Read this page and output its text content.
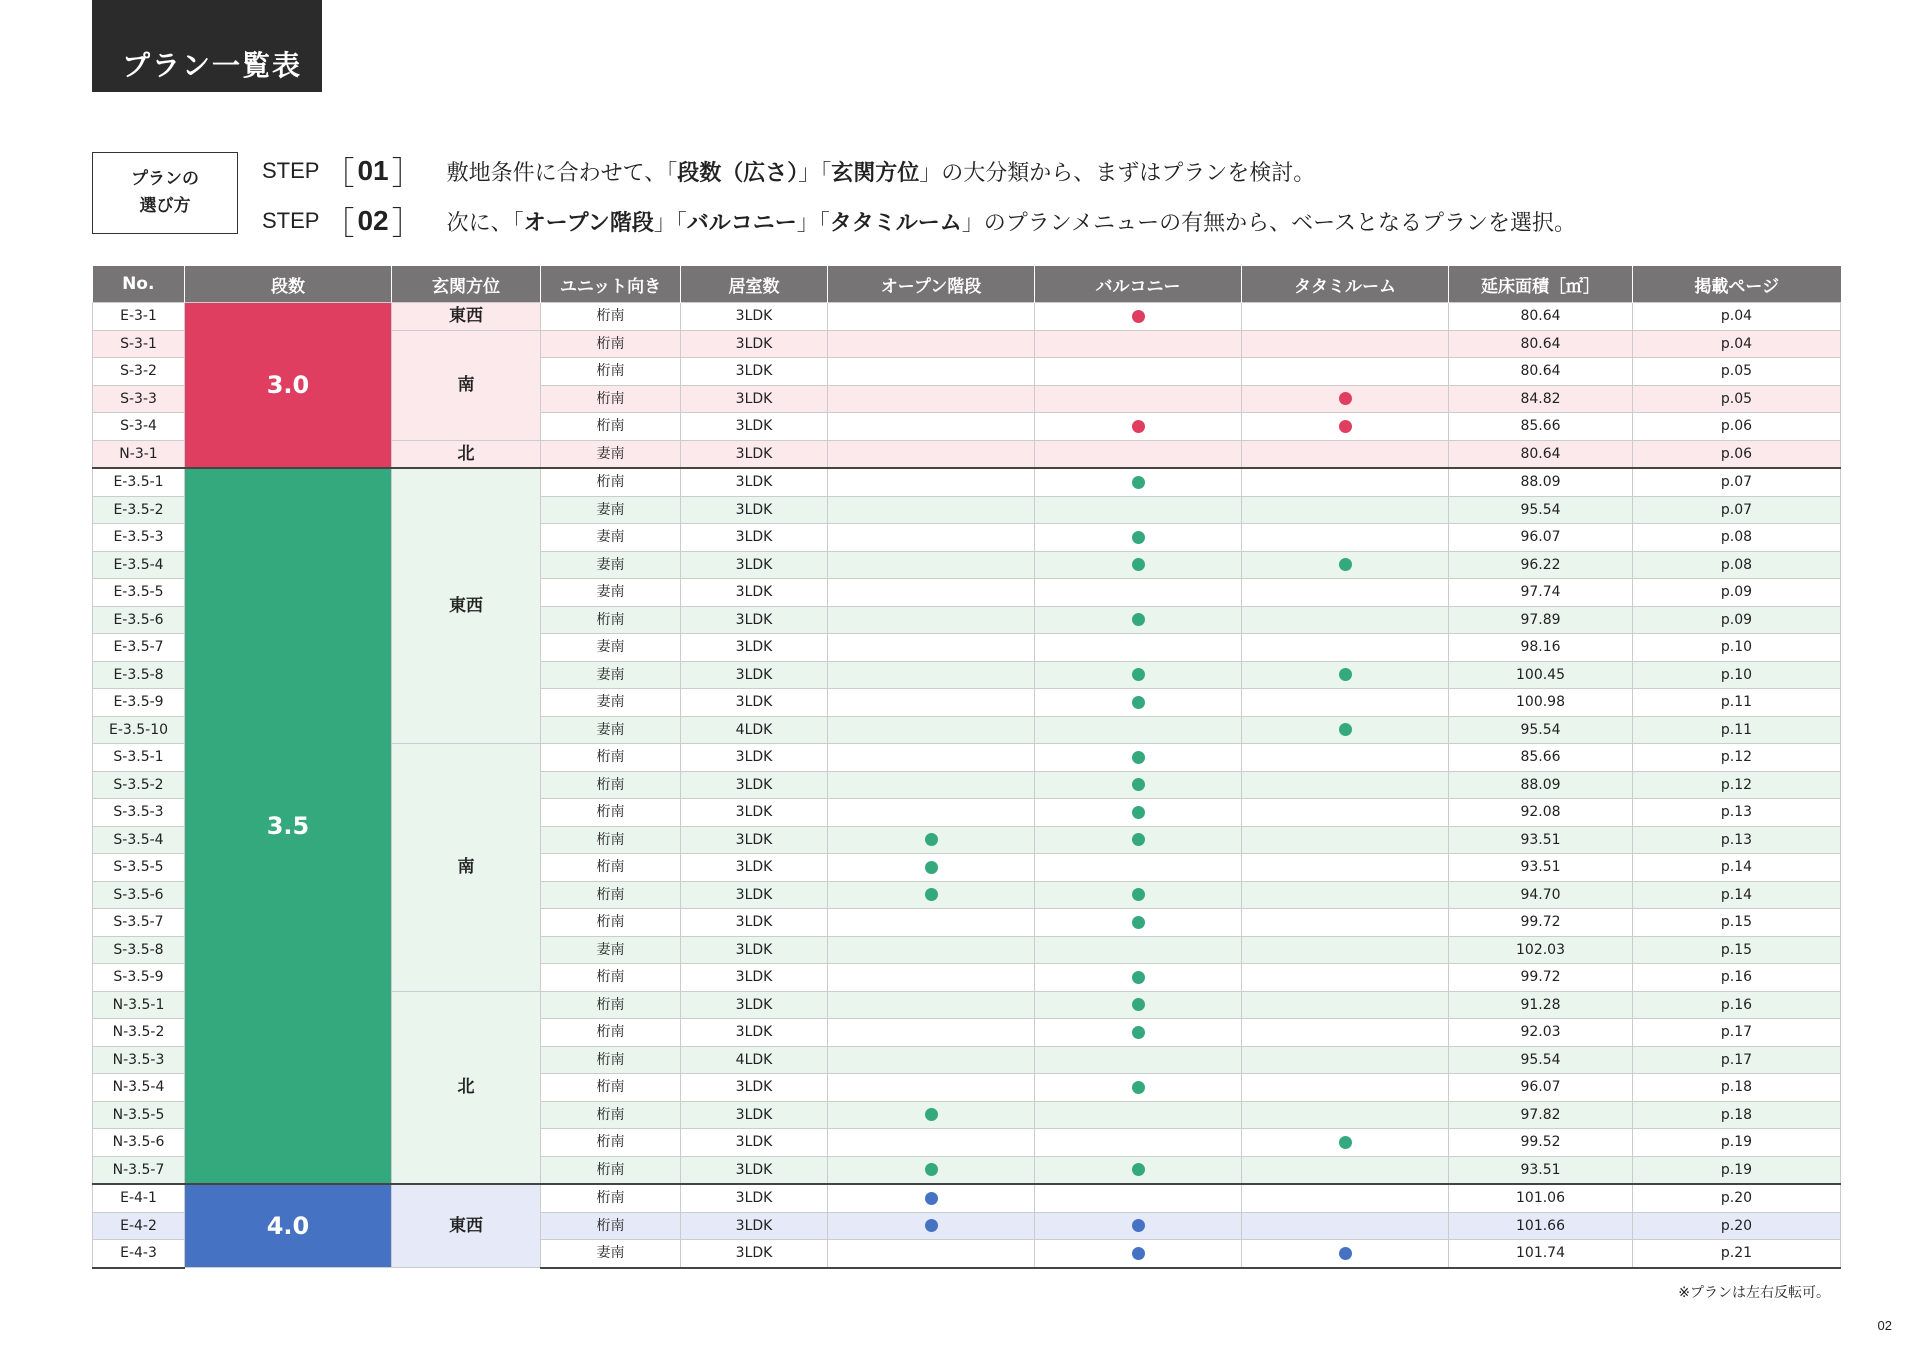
プラン一覧表
プランの
選び方
STEP ［ 01 ］ 敷地条件に合わせて、「段数（広さ）」「玄関方位」の大分類から、まずはプランを検討。
STEP ［ 02 ］ 次に、「オープン階段」「バルコニー」「タタミルーム」のプランメニューの有無から、ベースとなるプランを選択。
No.	段数	玄関方位	ユニット向き	居室数	オープン階段	バルコニー	タタミルーム	延床面積［㎡］	掲載ページ
E-3-1	3.0	東西	桁南	3LDK				80.64	p.04
S-3-1		南	桁南	3LDK				80.64	p.04
S-3-2			桁南	3LDK				80.64	p.05
S-3-3			桁南	3LDK				84.82	p.05
S-3-4			桁南	3LDK				85.66	p.06
N-3-1		北	妻南	3LDK				80.64	p.06
E-3.5-1	3.5	東西	桁南	3LDK				88.09	p.07
E-3.5-2			妻南	3LDK				95.54	p.07
E-3.5-3			妻南	3LDK				96.07	p.08
E-3.5-4			妻南	3LDK				96.22	p.08
E-3.5-5			妻南	3LDK				97.74	p.09
E-3.5-6			桁南	3LDK				97.89	p.09
E-3.5-7			妻南	3LDK				98.16	p.10
E-3.5-8			妻南	3LDK				100.45	p.10
E-3.5-9			妻南	3LDK				100.98	p.11
E-3.5-10			妻南	4LDK				95.54	p.11
S-3.5-1		南	桁南	3LDK				85.66	p.12
S-3.5-2			桁南	3LDK				88.09	p.12
S-3.5-3			桁南	3LDK				92.08	p.13
S-3.5-4			桁南	3LDK				93.51	p.13
S-3.5-5			桁南	3LDK				93.51	p.14
S-3.5-6			桁南	3LDK				94.70	p.14
S-3.5-7			桁南	3LDK				99.72	p.15
S-3.5-8			妻南	3LDK				102.03	p.15
S-3.5-9			桁南	3LDK				99.72	p.16
N-3.5-1		北	桁南	3LDK				91.28	p.16
N-3.5-2			桁南	3LDK				92.03	p.17
N-3.5-3			桁南	4LDK				95.54	p.17
N-3.5-4			桁南	3LDK				96.07	p.18
N-3.5-5			桁南	3LDK				97.82	p.18
N-3.5-6			桁南	3LDK				99.52	p.19
N-3.5-7			桁南	3LDK				93.51	p.19
E-4-1	4.0	東西	桁南	3LDK				101.06	p.20
E-4-2			桁南	3LDK				101.66	p.20
E-4-3			妻南	3LDK				101.74	p.21
※プランは左右反転可。
02
